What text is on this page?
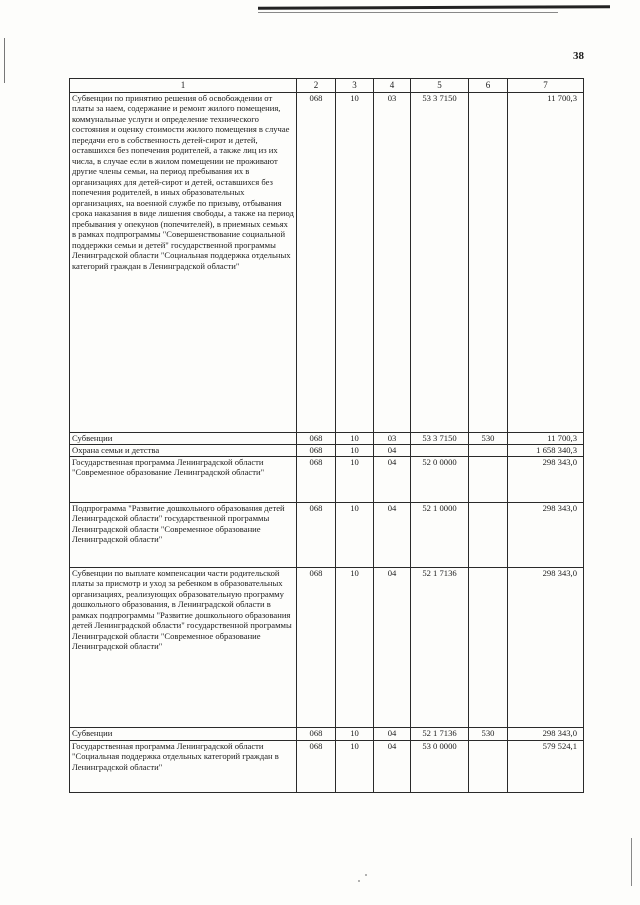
38
1	2	3	4	5	6	7
Субвенции по принятию решения об освобождении от платы за наем, содержание и ремонт жилого помещения, коммунальные услуги и определение технического состояния и оценку стоимости жилого помещения в случае передачи его в собственность детей-сирот и детей, оставшихся без попечения родителей, а также лиц из их числа, в случае если в жилом помещении не проживают другие члены семьи, на период пребывания их в организациях для детей-сирот и детей, оставшихся без попечения родителей, в иных образовательных организациях, на военной службе по призыву, отбывания срока наказания в виде лишения свободы, а также на период пребывания у опекунов (попечителей), в приемных семьях в рамках подпрограммы "Совершенствование социальной поддержки семьи и детей" государственной программы Ленинградской области "Социальная поддержка отдельных категорий граждан в Ленинградской области"	068	10	03	53 3 7150		11 700,3
Субвенции	068	10	03	53 3 7150	530	11 700,3
Охрана семьи и детства	068	10	04			1 658 340,3
Государственная программа Ленинградской области "Современное образование Ленинградской области"	068	10	04	52 0 0000		298 343,0
Подпрограмма "Развитие дошкольного образования детей Ленинградской области" государственной программы Ленинградской области "Современное образование Ленинградской области"	068	10	04	52 1 0000		298 343,0
Субвенции по выплате компенсации части родительской платы за присмотр и уход за ребенком в образовательных организациях, реализующих образовательную программу дошкольного образования, в Ленинградской области в рамках подпрограммы "Развитие дошкольного образования детей Ленинградской области" государственной программы Ленинградской области "Современное образование Ленинградской области"	068	10	04	52 1 7136		298 343,0
Субвенции	068	10	04	52 1 7136	530	298 343,0
Государственная программа Ленинградской области "Социальная поддержка отдельных категорий граждан в Ленинградской области"	068	10	04	53 0 0000		579 524,1
